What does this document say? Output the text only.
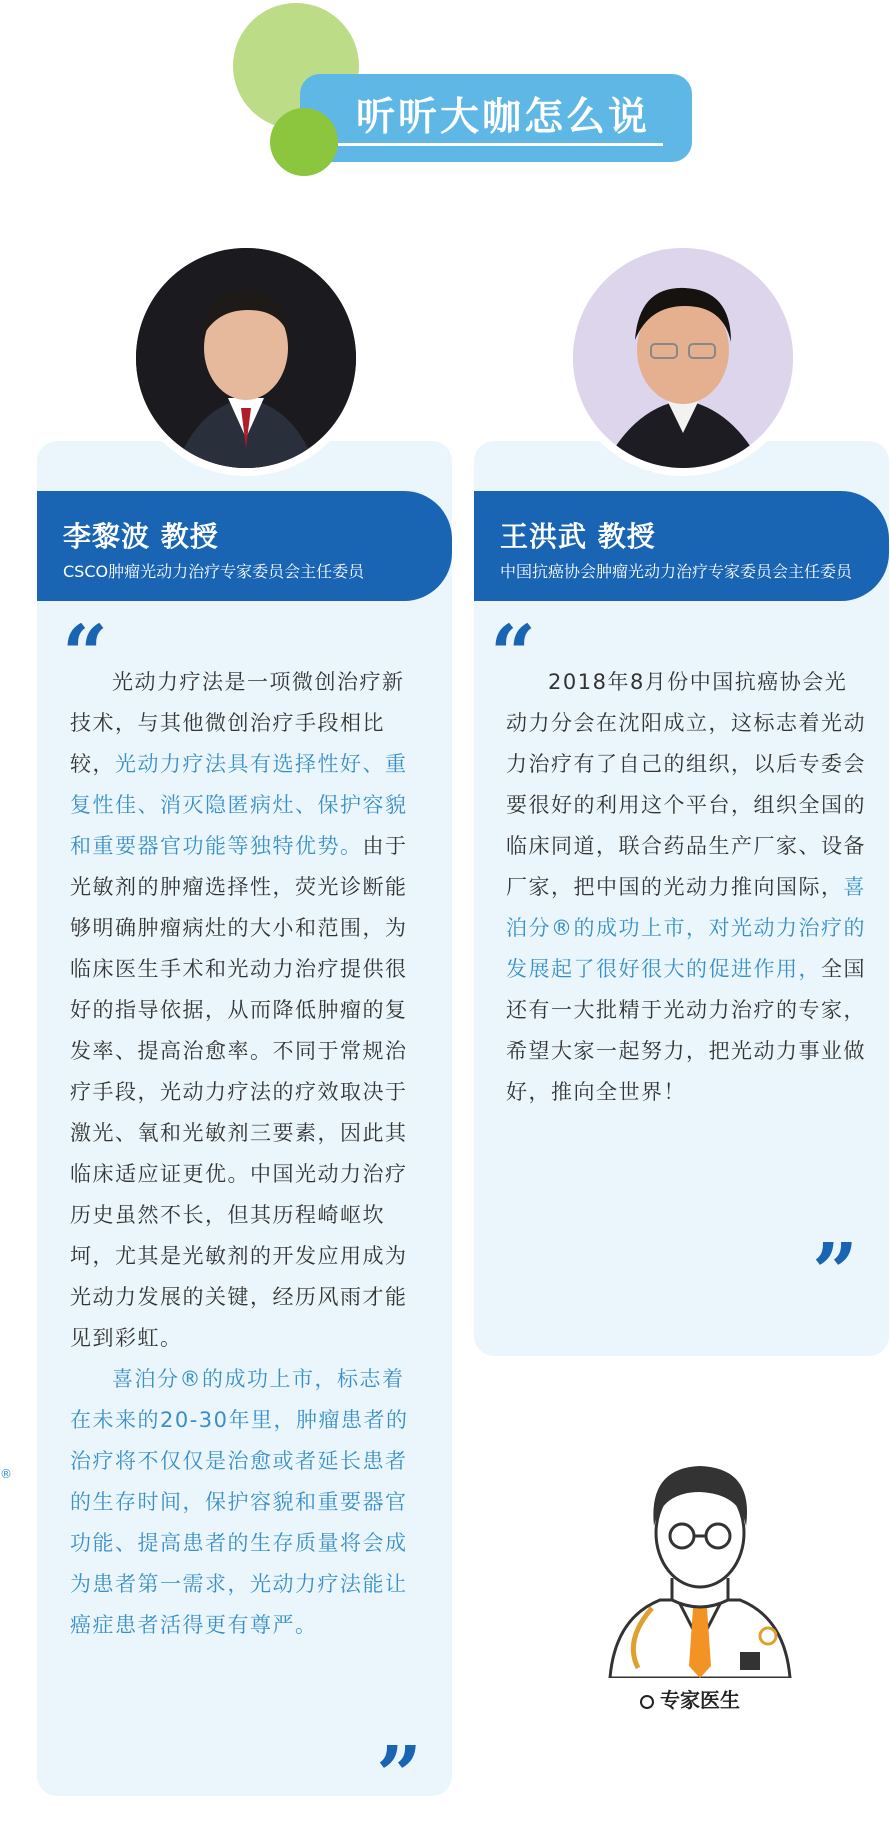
听听大咖怎么说
李黎波 教授
CSCO肿瘤光动力治疗专家委员会主任委员
王洪武 教授
中国抗癌协会肿瘤光动力治疗专家委员会主任委员
“
”
“
”

光动力疗法是一项微创治疗新技术，与其他微创治疗手段相比较，光动力疗法具有选择性好、重复性佳、消灭隐匿病灶、保护容貌和重要器官功能等独特优势。由于光敏剂的肿瘤选择性，荧光诊断能够明确肿瘤病灶的大小和范围，为临床医生手术和光动力治疗提供很好的指导依据，从而降低肿瘤的复发率、提高治愈率。不同于常规治疗手段，光动力疗法的疗效取决于激光、氧和光敏剂三要素，因此其临床适应证更优。中国光动力治疗历史虽然不长，但其历程崎岖坎坷，尤其是光敏剂的开发应用成为光动力发展的关键，经历风雨才能见到彩虹。

喜泊分®的成功上市，标志着在未来的20-30年里，肿瘤患者的治疗将不仅仅是治愈或者延长患者的生存时间，保护容貌和重要器官功能、提高患者的生存质量将会成为患者第一需求，光动力疗法能让癌症患者活得更有尊严。

2018年8月份中国抗癌协会光动力分会在沈阳成立，这标志着光动力治疗有了自己的组织，以后专委会要很好的利用这个平台，组织全国的临床同道，联合药品生产厂家、设备厂家，把中国的光动力推向国际，喜泊分®的成功上市，对光动力治疗的发展起了很好很大的促进作用，全国还有一大批精于光动力治疗的专家，希望大家一起努力，把光动力事业做好，推向全世界！

®
专家医生
